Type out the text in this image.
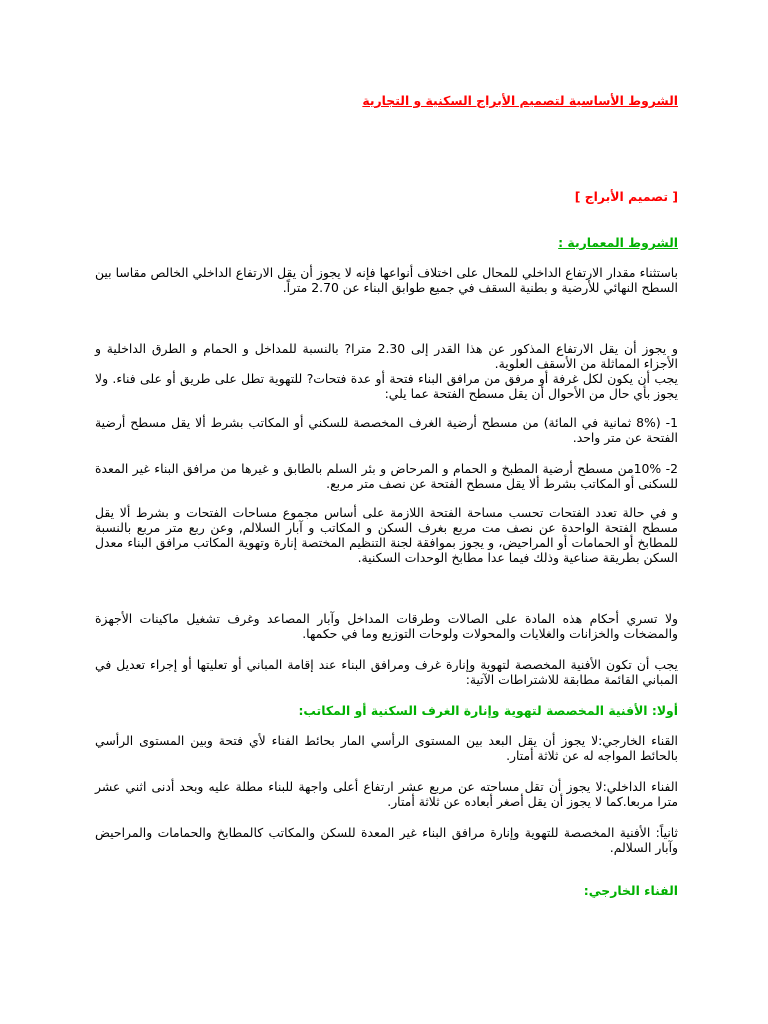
الشروط الأساسية لتصميم الأبراج السكنية و التجارية
[ تصميم الأبراج ]
الشروط المعمارية :

باستثناء مقدار الارتفاع الداخلي للمحال على اختلاف أنواعها فإنه لا يجوز أن يقل الارتفاع الداخلي الخالص مقاسا بين السطح النهائي للأرضية و بطنية السقف في جميع طوابق البناء عن 2.70 متراً.

و يجوز أن يقل الارتفاع المذكور عن هذا القدر إلى 2.30 مترا? بالنسبة للمداخل و الحمام و الطرق الداخلية و الأجزاء المماثلة من الأسقف العلوية.

يجب أن يكون لكل غرفة أو مرفق من مرافق البناء فتحة أو عدة فتحات? للتهوية تطل على طريق أو على فناء. ولا يجوز بأي حال من الأحوال أن يقل مسطح الفتحة عما يلي:

1- (8% ثمانية في المائة) من مسطح أرضية الغرف المخصصة للسكني أو المكاتب بشرط ألا يقل مسطح أرضية الفتحة عن متر واحد.

2- 10%من مسطح أرضية المطبخ و الحمام و المرحاض و بئر السلم بالطابق و غيرها من مرافق البناء غير المعدة للسكنى أو المكاتب بشرط ألا يقل مسطح الفتحة عن نصف متر مربع.

و في حالة تعدد الفتحات تحسب مساحة الفتحة اللازمة على أساس مجموع مساحات الفتحات و بشرط ألا يقل مسطح الفتحة الواحدة عن نصف مت مربع بغرف السكن و المكاتب و آبار السلالم, وعن ربع متر مربع بالنسبة للمطابخ أو الحمامات أو المراحيض، و يجوز بموافقة لجنة التنظيم المختصة إنارة وتهوية المكاتب مرافق البناء معدل السكن بطريقة صناعية وذلك فيما عدا مطابخ الوحدات السكنية.

ولا تسري أحكام هذه المادة على الصالات وطرقات المداخل وآبار المصاعد وغرف تشغيل ماكينات الأجهزة والمضخات والخزانات والغلايات والمحولات ولوحات التوزيع وما في حكمها.

يجب أن تكون الأفنية المخصصة لتهوية وإنارة غرف ومرافق البناء عند إقامة المباني أو تعليتها أو إجراء تعديل في المباني القائمة مطابقة للاشتراطات الآتية:

أولا: الأفنية المخصصة لتهوية وإنارة الغرف السكنية أو المكاتب:

القناء الخارجي:لا يجوز أن يقل البعد بين المستوى الرأسي المار بحائط الفناء لأي فتحة وبين المستوى الرأسي بالحائط المواجه له عن ثلاثة أمتار.

الفناء الداخلي:لا يجوز أن تقل مساحته عن مربع عشر ارتفاع أعلى واجهة للبناء مطلة عليه وبحد أدنى اثني عشر مترا مربعا.كما لا يجوز أن يقل أصغر أبعاده عن ثلاثة أمتار.

ثانياً: الأفنية المخصصة للتهوية وإنارة مرافق البناء غير المعدة للسكن والمكاتب كالمطابخ والحمامات والمراحيض وآبار السلالم.

الفناء الخارجي:
